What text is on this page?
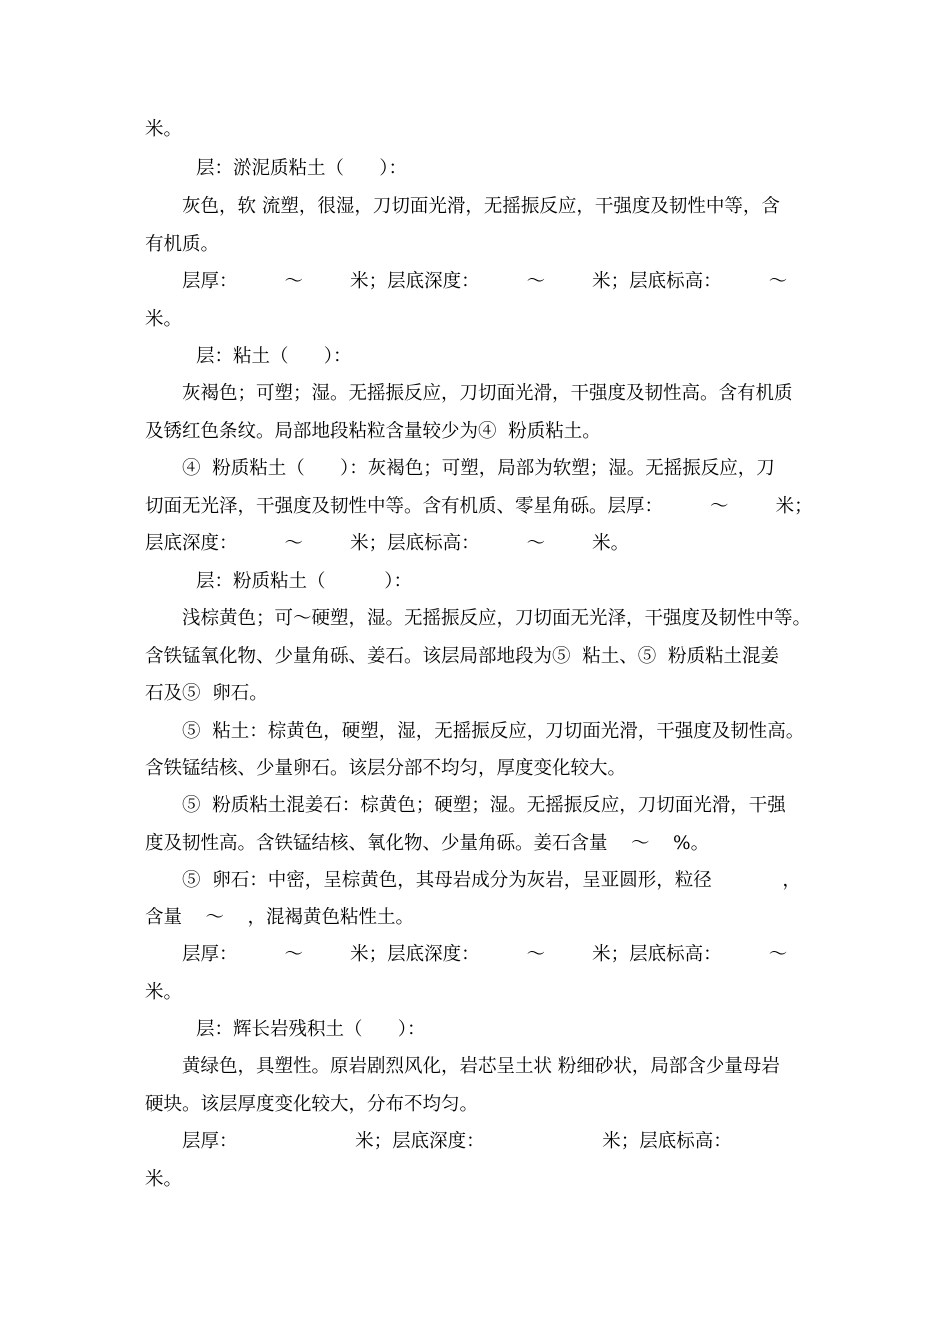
米。
层：淤泥质粘土（      ）：
灰色，软 流塑，很湿，刀切面光滑，无摇振反应，干强度及韧性中等，含
有机质。
层厚：        ～        米；层底深度：        ～        米；层底标高：        ～
米。
层：粘土（      ）：
灰褐色；可塑；湿。无摇振反应，刀切面光滑，干强度及韧性高。含有机质
及锈红色条纹。局部地段粘粒含量较少为④  粉质粘土。
④  粉质粘土（      ）：灰褐色；可塑，局部为软塑；湿。无摇振反应，刀
切面无光泽，干强度及韧性中等。含有机质、零星角砾。层厚：        ～        米；
层底深度：        ～        米；层底标高：        ～        米。
层：粉质粘土（          ）：
浅棕黄色；可～硬塑，湿。无摇振反应，刀切面无光泽，干强度及韧性中等。
含铁锰氧化物、少量角砾、姜石。该层局部地段为⑤  粘土、⑤  粉质粘土混姜
石及⑤  卵石。
⑤  粘土：棕黄色，硬塑，湿，无摇振反应，刀切面光滑，干强度及韧性高。
含铁锰结核、少量卵石。该层分部不均匀，厚度变化较大。
⑤  粉质粘土混姜石：棕黄色；硬塑；湿。无摇振反应，刀切面光滑，干强
度及韧性高。含铁锰结核、氧化物、少量角砾。姜石含量    ～    %。
⑤  卵石：中密，呈棕黄色，其母岩成分为灰岩，呈亚圆形，粒径            ，
含量    ～    ，混褐黄色粘性土。
层厚：        ～        米；层底深度：        ～        米；层底标高：        ～
米。
层：辉长岩残积土（      ）：
黄绿色，具塑性。原岩剧烈风化，岩芯呈土状 粉细砂状，局部含少量母岩
硬块。该层厚度变化较大，分布不均匀。
层厚：                    米；层底深度：                    米；层底标高：
米。
